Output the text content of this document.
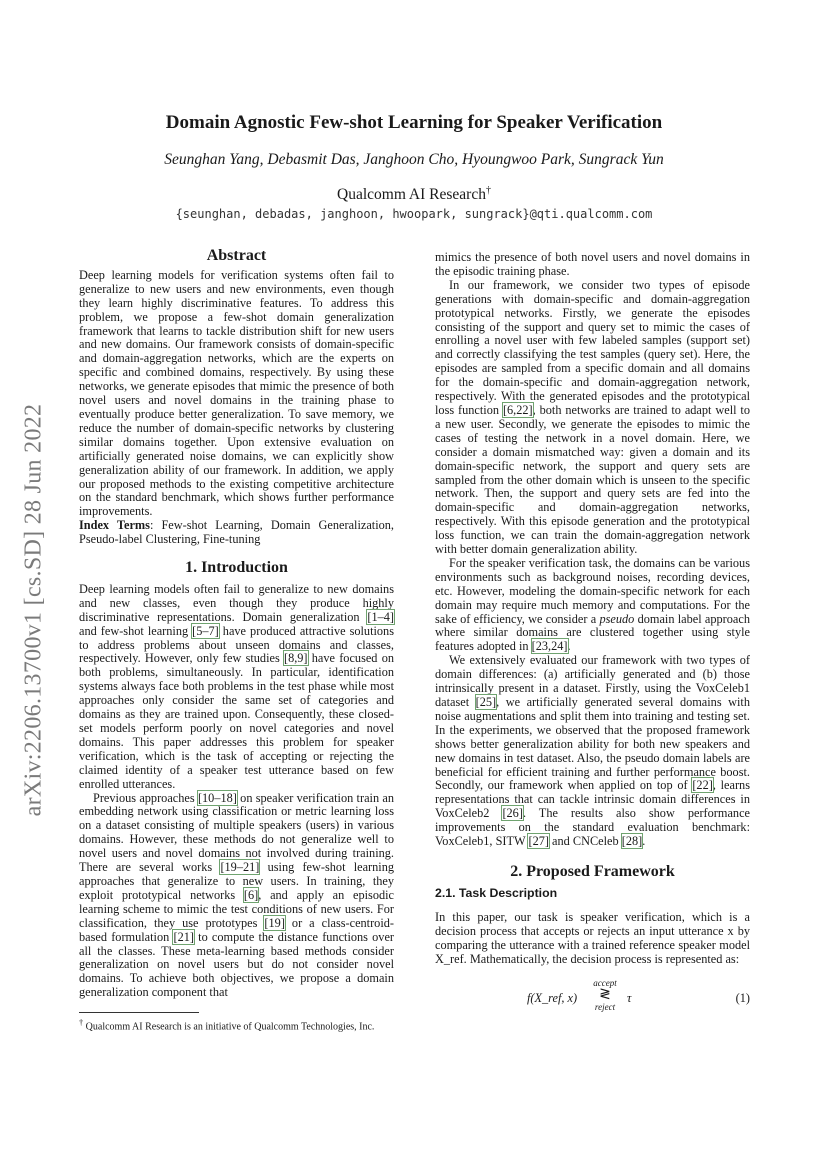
arXiv:2206.13700v1 [cs.SD] 28 Jun 2022
Domain Agnostic Few-shot Learning for Speaker Verification
Seunghan Yang, Debasmit Das, Janghoon Cho, Hyoungwoo Park, Sungrack Yun
Qualcomm AI Research†
{seunghan, debadas, janghoon, hwoopark, sungrack}@qti.qualcomm.com
Abstract

Deep learning models for verification systems often fail to generalize to new users and new environments, even though they learn highly discriminative features. To address this problem, we propose a few-shot domain generalization framework that learns to tackle distribution shift for new users and new domains. Our framework consists of domain-specific and domain-aggregation networks, which are the experts on specific and combined domains, respectively. By using these networks, we generate episodes that mimic the presence of both novel users and novel domains in the training phase to eventually produce better generalization. To save memory, we reduce the number of domain-specific networks by clustering similar domains together. Upon extensive evaluation on artificially generated noise domains, we can explicitly show generalization ability of our framework. In addition, we apply our proposed methods to the existing competitive architecture on the standard benchmark, which shows further performance improvements.

Index Terms: Few-shot Learning, Domain Generalization, Pseudo-label Clustering, Fine-tuning

1. Introduction

Deep learning models often fail to generalize to new domains and new classes, even though they produce highly discriminative representations. Domain generalization [1–4] and few-shot learning [5–7] have produced attractive solutions to address problems about unseen domains and classes, respectively. However, only few studies [8,9] have focused on both problems, simultaneously. In particular, identification systems always face both problems in the test phase while most approaches only consider the same set of categories and domains as they are trained upon. Consequently, these closed-set models perform poorly on novel categories and novel domains. This paper addresses this problem for speaker verification, which is the task of accepting or rejecting the claimed identity of a speaker test utterance based on few enrolled utterances.

Previous approaches [10–18] on speaker verification train an embedding network using classification or metric learning loss on a dataset consisting of multiple speakers (users) in various domains. However, these methods do not generalize well to novel users and novel domains not involved during training. There are several works [19–21] using few-shot learning approaches that generalize to new users. In training, they exploit prototypical networks [6], and apply an episodic learning scheme to mimic the test conditions of new users. For classification, they use prototypes [19] or a class-centroid-based formulation [21] to compute the distance functions over all the classes. These meta-learning based methods consider generalization on novel users but do not consider novel domains. To achieve both objectives, we propose a domain generalization component that

† Qualcomm AI Research is an initiative of Qualcomm Technologies, Inc.

mimics the presence of both novel users and novel domains in the episodic training phase.

In our framework, we consider two types of episode generations with domain-specific and domain-aggregation prototypical networks. Firstly, we generate the episodes consisting of the support and query set to mimic the cases of enrolling a novel user with few labeled samples (support set) and correctly classifying the test samples (query set). Here, the episodes are sampled from a specific domain and all domains for the domain-specific and domain-aggregation network, respectively. With the generated episodes and the prototypical loss function [6,22], both networks are trained to adapt well to a new user. Secondly, we generate the episodes to mimic the cases of testing the network in a novel domain. Here, we consider a domain mismatched way: given a domain and its domain-specific network, the support and query sets are sampled from the other domain which is unseen to the specific network. Then, the support and query sets are fed into the domain-specific and domain-aggregation networks, respectively. With this episode generation and the prototypical loss function, we can train the domain-aggregation network with better domain generalization ability.

For the speaker verification task, the domains can be various environments such as background noises, recording devices, etc. However, modeling the domain-specific network for each domain may require much memory and computations. For the sake of efficiency, we consider a pseudo domain label approach where similar domains are clustered together using style features adopted in [23,24].

We extensively evaluated our framework with two types of domain differences: (a) artificially generated and (b) those intrinsically present in a dataset. Firstly, using the VoxCeleb1 dataset [25], we artificially generated several domains with noise augmentations and split them into training and testing set. In the experiments, we observed that the proposed framework shows better generalization ability for both new speakers and new domains in test dataset. Also, the pseudo domain labels are beneficial for efficient training and further performance boost. Secondly, our framework when applied on top of [22], learns representations that can tackle intrinsic domain differences in VoxCeleb2 [26]. The results also show performance improvements on the standard evaluation benchmark: VoxCeleb1, SITW [27] and CNCeleb [28].

2. Proposed Framework
2.1. Task Description

In this paper, our task is speaker verification, which is a decision process that accepts or rejects an input utterance x by comparing the utterance with a trained reference speaker model X_ref. Mathematically, the decision process is represented as:

f(X_ref, x)
accept
≷
reject
τ	(1)
